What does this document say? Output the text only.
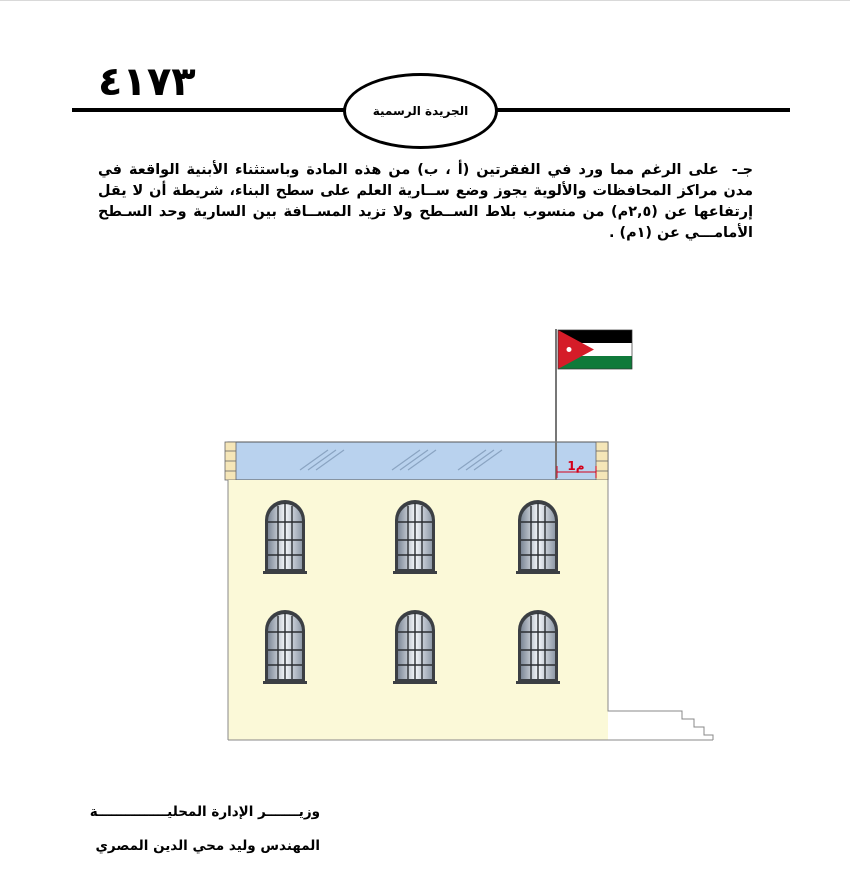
٤١٧٣
الجريدة الرسمية
جـ- على الرغم مما ورد في الفقرتين (أ ، ب) من هذه المادة وباستثناء الأبنية الواقعة في مدن مراكز المحافظات والألوية يجوز وضع ســارية العلم على سطح البناء، شريطة أن لا يقل إرتفاعها عن (٢,٥م) من منسوب بلاط الســطح ولا تزيد المســافة بين السارية وحد السـطح الأمامـــي عن (١م) .
1م
وزيـــــــر الإدارة المحليـــــــــــــــة
المهندس وليد محي الدين المصري
